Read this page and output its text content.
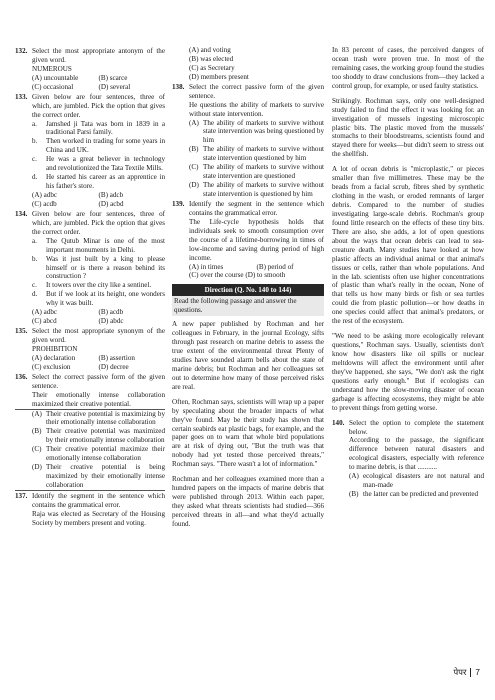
132. Select the most appropriate antonym of the given word.
NUMEROUS
(A) uncountable	(B) scarce
(C) occasional	(D) several
133. Given below are four sentences, three of which, are jumbled. Pick the option that gives the correct order.
a.	Jamshed ji Tata was born in 1839 in a traditional Parsi family.
b.	Then worked in trading for some years in China and UK.
c.	He was a great believer in technology and revolutionized the Tata Textile Mills.
d.	He started his career as an apprentice in his father's store.
(A) adbc	(B) adcb
(C) acdb	(D) acbd
134. Given below are four sentences, three of which, are jumbled. Pick the option that gives the correct order.
a.	The Qutub Minar is one of the most important monuments in Delhi.
b.	Was it just built by a king to please himself or is there a reason behind its construction ?
c.	It towers over the city like a sentinel.
d.	But if we look at its height, one wonders why it was built.
(A) adbc	(B) acdb
(C) abcd	(D) abdc
135. Select the most appropriate synonym of the given word.
PROHIBITION
(A) declaration	(B) assertion
(C) exclusion	(D) decree
136. Select the correct passive form of the given sentence.
Their emotionally intense collaboration maximized their creative potential.
(A) Their creative potential is maximizing by their emotionally intense collaboration
(B) Their creative potential was maximized by their emotionally intense collaboration
(C) Their creative potential maximize their emotionally intense collaboration
(D) Their creative potential is being maximized by their emotionally intense collaboration
137. Identify the segment in the sentence which contains the grammatical error.
Raja was elected as Secretary of the Housing Society by members present and voting.
(A) and voting
(B) was elected
(C) as Secretary
(D) members present
138. Select the correct passive form of the given sentence.
He questions the ability of markets to survive without state intervention.
(A) The ability of markets to survive without state intervention was being questioned by him
(B) The ability of markets to survive without state intervention questioned by him
(C) The ability of markets to survive without state intervention are questioned
(D) The ability of markets to survive without state intervention is questioned by him
139. Identify the segment in the sentence which contains the grammatical error.
The Life-cycle hypothesis holds that individuals seek to smooth consumption over the course of a lifetime-borrowing in times of low-income and saving during period of high income.
(A) in times	(B) period of
(C) over the course (D) to smooth
Direction (Q. No. 140 to 144)
Read the following passage and answer the questions.

A new paper published by Rochman and her colleagues in February, in the journal Ecology, sifts through past research on marine debris to assess the true extent of the environmental threat Plenty of studies have sounded alarm bells about the state of marine debris; but Rochman and her colleagues set out to determine how many of those perceived risks are real.

Often, Rochman says, scientists will wrap up a paper by speculating about the broader impacts of what they've found. May be their study has shown that certain seabirds eat plastic bags, for example, and the paper goes on to warn that whole bird populations are at risk of dying out, "But the truth was that nobody had yet tested those perceived threats," Rochman says. "There wasn't a lot of information."

Rochman and her colleagues examined more than a hundred papers on the impacts of marine debris that were published through 2013. Within each paper, they asked what threats scientists had studied—366 perceived threats in all—and what they'd actually found.

In 83 percent of cases, the perceived dangers of ocean trash were proven true. In most of the remaining cases, the working group found the studies too shoddy to draw conclusions from—they lacked a control group, for example, or used faulty statistics.

Strikingly. Rochman says, only one well-designed study failed to find the effect it was looking for. an investigation of mussels ingesting microscopic plastic bits. The plastic moved from the mussels' stomachs to their bloodstreams, scientists found and stayed there for weeks—but didn't seem to stress out the shellfish.

A lot of ocean debris is "microplastic," or pieces smaller than five millimetres. These may be the beads from a facial scrub, fibres shed by synthetic clothing in the wash, or eroded remnants of larger debris. Compared to the number of studies investigating large-scale debris. Rochman's group found little research on the effects of these tiny bits. There are also, she adds, a lot of open questions about the ways that ocean debris can lead to sea-creature death. Many studies have looked at how plastic affects an individual animal or that animal's tissues or cells, rather than whole populations. And in the lab. scientists often use higher concentrations of plastic than what's really in the ocean, None of that tells us how many birds or fish or sea turtles could die from plastic pollution—or how deaths in one species could affect that animal's predators, or the rest of the ecosystem.

"We need to be asking more ecologically relevant questions," Rochman says. Usually, scientists don't know how disasters like oil spills or nuclear meltdowns will affect the environment until after they've happened, she says, "We don't ask the right questions early enough." But if ecologists can understand how the slow-moving disaster of ocean garbage is affecting ecosystems, they might be able to prevent things from getting worse.

140. Select the option to complete the statement below.
According to the passage, the significant difference between natural disasters and ecological disasters, especially with reference to marine debris, is that ...........
(A) ecological disasters are not natural and man-made
(B) the latter can be predicted and prevented
पेपर 7
